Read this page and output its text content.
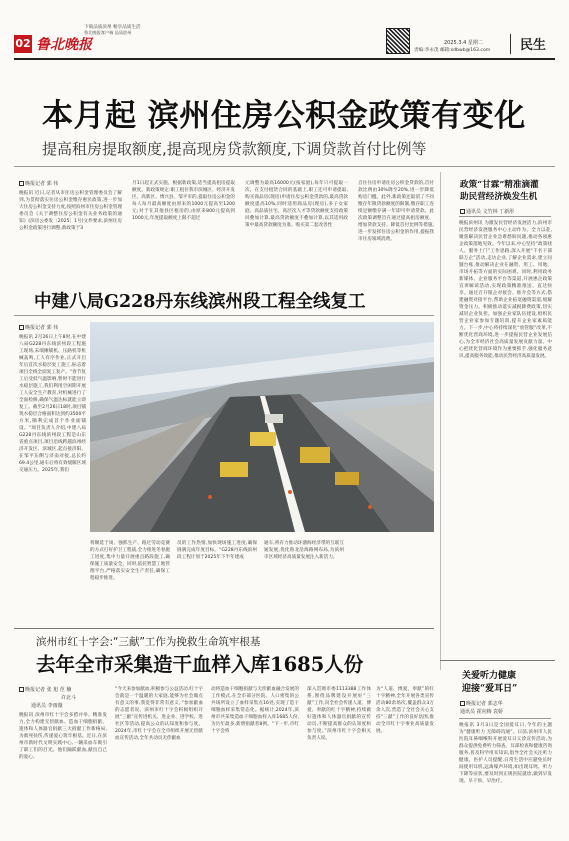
下载品质滨州 畅享品质生活
鲁北晚报客户端 品质滨州
02 鲁北晚报	2025.3.4 星期二
责编:李永茂 邮箱:sdbwb@163.com 民生
本月起 滨州住房公积金政策有变化
提高租房提取额度,提高现房贷款额度,下调贷款首付比例等
晚报记者 郭 伟
晚报讯 近日,记者从市住房公积金管理委员会了解到,为贯彻落实住房公积金缴存惠民政策,进一步加大住房公积金支持力度,按照滨州市住房公积金管理委员会《关于调整住房公积金有关业务政策的通知》(滨房公委发〔2025〕1号)文件要求,滨州住房公积金政策进行调整,新政策于3
月1日起正式实施。根据新政策,适当提高租房提取额度。新政策规定:职工租住我市滨城区、经济开发区、高新区、博兴县、邹平市的,提取住房公积金的每人每月最高额度由原来的1000元提高至1200元;对于在其他县区租房的,由原来800元提高到1000元,年度提取额度上限不超过
元调整为最高16000元(按家庭),每年只可提取一次。在支付租赁合同的基础上,职工还可申请提取,购买商品房(现房)申请住房公积金贷款的,最高贷款额度提高10%,同时适用商品房(现房),多子女家庭、高品质住宅、高层次人才等贷款额度支持政策同叠加计算,最高贷款额度不叠加计算,以其适用政策中最高贷款额度为准。购买第二套改善性
自住住房申请住房公积金贷款的,首付款比例由30%降至20%,进一步降低购房门槛。此外,新政策还取消了不同缴存年限贷款额度的限制,缴存职工连续足额缴存满一年即可申请贷款。此次政策调整旨在通过提高租房额度、增加贷款支持、降低首付比例等措施,进一步发挥住房公积金的作用,提振我市住房领域消费。
中建八局G228丹东线滨州段工程全线复工
晚报记者 郭 伟
晚报讯 2月26日上午8时,在中建八局G228丹东线滨州段工程施工现场,末端摊铺机、压路机等机械轰鸣,工人有序作业,正式开启年后首次水稳层复工施工,标志着项目全线全面复工复产。“春节复工后受低气温影响,暂时不能进行水稳层施工,我们利用空闲期开展工人安全生产教育,对机械进行了全面检修,确保气温达标就能立即复工。截至2月26日18时,项目铺筑水稳层合格面积达到约3500平方米,顺利完成首个作业面铺设。“项目负责人介绍,中建八局G228丹东线滨州段工程是山东省重点项目,项目沿线跨越滨州经济开发区、滨城区,起点接济阳、在邹平东侧与济南对接,总长约69.4公里,通车后将有效缓解区域交通压力。2025年,我们
将顺延于岗、强抓生产、路过劳动竞赛的方式打好护卫工程战,全力推进冬春施工进度,集中力量开展重点路段施工,确保施工质量安全。同时,依托智慧工地管理平台,严格落实安全生产责任,确保工程稳步推进。
员的工作热情,加快现场施工进度,确保圆满完成年度目标。“G228丹东线滨州段工程计划于2025年下半年建成
通车,将有力推动环渤海经济带的互联互通发展,优化鲁北沿海路网布局,为滨州市区域经济高质量发展注入新活力。
政策“甘霖”精准滴灌
助民营经济焕发生机
通讯员 文竹林 丁新彤
晚报滨州讯 为激发民营经济发展活力,滨州市民营经济发展服务中心主动作为、全力以赴,聚焦解决民营企业急难愁盼问题,推动各项惠企政策落地见效。今年以来,中心坚持“政策找人、服务上门”工作思路,深入开展“千名干部联万企”活动,走访企业,了解企业需求,建立问题台账,推动解决企业在融资、用工、用地、市场开拓等方面的实际困难。同时,利用政务新媒体、企业服务平台等渠道,开展惠企政策宣讲解读活动,实现政策精准推送、直达快享。通过召开银企对接会、推介会等方式,搭建融资对接平台,帮助企业拓宽融资渠道,缓解资金压力。积极推动落实减税降费政策,切实减轻企业负担。加强企业家队伍建设,组织民营企业家参加专题培训,提升企业家素质能力。下一步,中心将持续深化“放管服”改革,不断优化营商环境,进一步提振民营企业发展信心,为全市经济社会高质量发展贡献力量。中心把优化营商环境作为重要抓手,强化服务意识,提高服务效能,推动民营经济高质量发展。
滨州市红十字会:“三献”工作为挽救生命筑牢根基
去年全市采集造干血样入库1685人份
晚报记者 张 旭 范 楠
许北斗
通讯员 李雨薇
晚报讯 滨州市红十字会多措并举、精准发力,全力构建无偿献血、造血干细胞捐献、遗体和人体器官捐献三大捐献工作新格局,为救死扶伤,传递爱心筑牢根基。近日,在滨州市新时代文明实践中心,一辆采血车吸引了职工们的目光。他们踊跃献血,献出自己的爱心。
“今天来参加献血,积极参与公益活动,红十字会就是一个温暖的大家庭,能够为社会做点有意义的事,我觉得非常有意义。”参加献血的志愿者说。滨州市红十字会积极组织开展“三献”宣传进机关、进企业、进学校、进社区等活动,提高公众的认知度和参与度。2024年,市红十字会在全市组织开展无偿献血宣传活动,全年共动员无偿献血
动将造血干细胞捐献与无偿献血融合发展的工作模式,在全市部分医院、人口密集的公共场所设立了血样采集点16处,实现了造干细胞血样采集常态化。据统计,2024年,滨州市共采集造血干细胞血样入库1685人份,为历年最多,新增捐献者8例。“下一步,市红十字会将
深入贯彻市委1113388工作体系,围绕品牌建设开展好“三献”工作,向全社会传递人道、博爱、奉献的红十字精神,持续做好遗体和人体器官捐献的宣传动员,不断提高群众的认知度和参与度。”滨州市红十字会相关负责人说。
为“人道、博爱、奉献”的红十字精神,全年开展各类宣传活动80余场次,覆盖群众3万余人次,营造了全社会关心支持“三献”工作的良好氛围,推动全市红十字事业高质量发展。
关爱听力健康
迎接“爱耳日”
晚报记者 郭志华
通讯员 霍向梅 袁娇
晚报讯 3月3日是全国爱耳日,今年的主题为“健康听力 无障碍沟通”。日前,滨州市人民医院耳鼻咽喉科开展爱耳日义诊宣传活动,为群众提供免费听力筛查、耳部检查和健康咨询服务,普及科学用耳知识,倡导全社会关注听力健康。医护人员提醒,日常生活中应避免长时间使用耳机,远离噪声环境,如出现耳鸣、听力下降等症状,要及时到正规医院就诊,做到早发现、早干预、早治疗。
